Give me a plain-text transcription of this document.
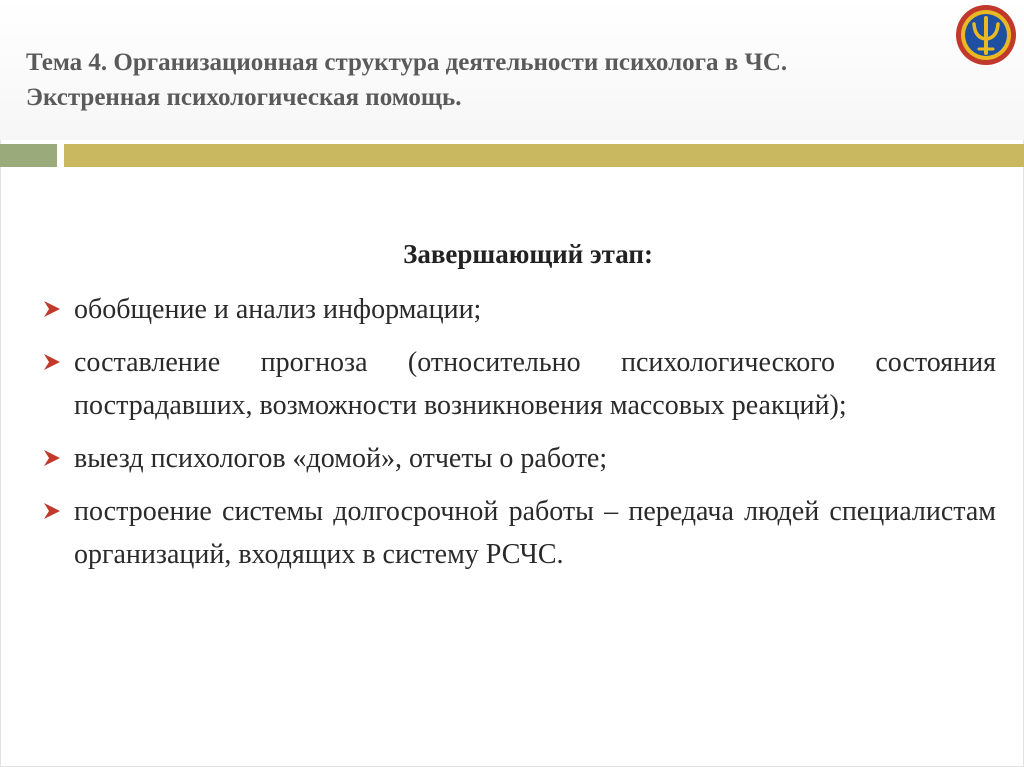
Тема 4. Организационная структура деятельности психолога в ЧС.
Экстренная психологическая помощь.
Завершающий этап:
обобщение и анализ информации;
составление прогноза (относительно психологического состояния пострадавших, возможности возникновения массовых реакций);
выезд психологов «домой», отчеты о работе;
построение системы долгосрочной работы – передача людей специалистам организаций, входящих в систему РСЧС.
